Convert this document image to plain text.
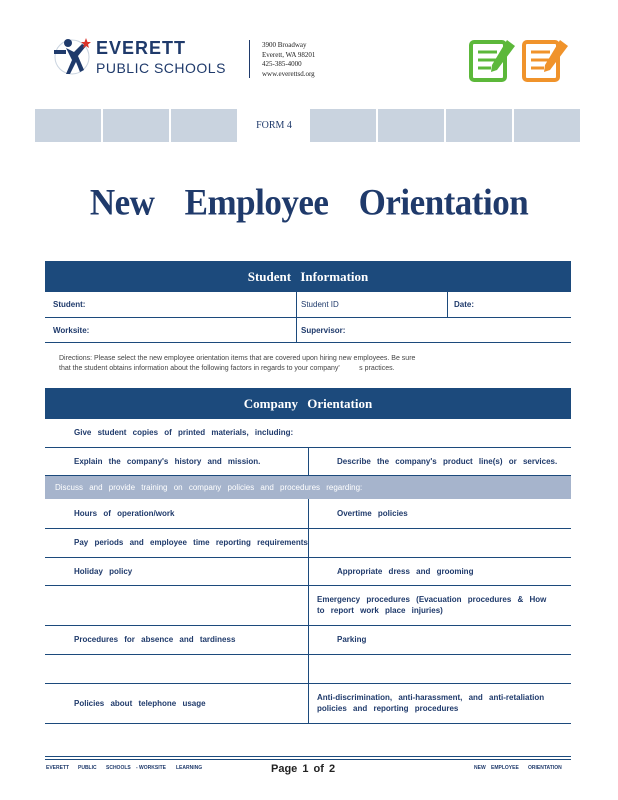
EVERETT
PUBLIC SCHOOLS
3900 Broadway
Everett, WA 98201
425-385-4000
www.everettsd.org
FORM 4
New Employee Orientation
Student Information
Student:	Student ID	Date:
Worksite:	Supervisor:	
Directions: Please select the new employee orientation items that are covered upon hiring new employees. Be sure
that the student obtains information about the following factors in regards to your company'          s practices.
Company Orientation
Give student copies of printed materials, including:	
Explain the company's history and mission.	Describe the company's product line(s) or services.
Discuss and provide training on company policies and procedures regarding:	
Hours of operation/work	Overtime policies
Pay periods and employee time reporting requirements	
Holiday policy	Appropriate dress and grooming
	Emergency procedures (Evacuation procedures & How to report work place injuries)
Procedures for absence and tardiness	Parking

Policies about telephone usage	Anti-discrimination, anti-harassment, and anti-retaliation policies and reporting procedures
EVERETT PUBLIC SCHOOLS - WORKSITE LEARNING	Page 1 of 2	NEW EMPLOYEE ORIENTATION
